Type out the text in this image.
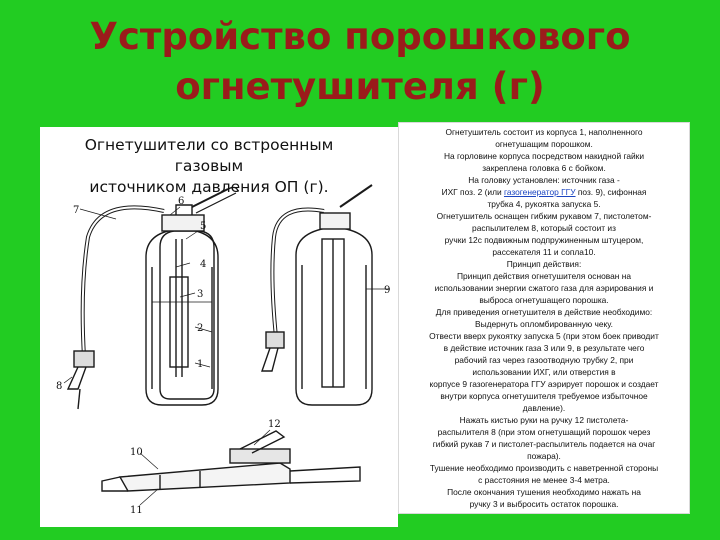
Устройство порошкового
огнетушителя (г)
7
6
5
4
3
2
1
8
9
12
10
11
Огнетушители со встроенным
газовым
источником давления ОП (г).
Огнетушитель состоит из корпуса 1, наполненного
огнетушащим порошком.
На горловине корпуса посредством накидной гайки
закреплена головка 6 с бойком.
На головку установлен: источник газа -
ИХГ поз. 2 (или газогенератор ГГУ поз. 9), сифонная
трубка 4, рукоятка запуска 5.
Огнетушитель оснащен гибким рукавом 7, пистолетом-
распылителем 8, который состоит из
ручки 12с подвижным подпружиненным штуцером,
рассекателя 11 и сопла10.
Принцип действия:
Принцип действия огнетушителя основан на
использовании энергии сжатого газа для аэрирования и
выброса огнетушащего порошка.
Для приведения огнетушителя в действие необходимо:
Выдернуть опломбированную чеку.
Отвести вверх рукоятку запуска 5 (при этом боек приводит
в действие источник газа 3 или 9, в результате чего
рабочий газ через газоотводную трубку 2, при
использовании ИХГ, или отверстия в
корпусе 9 газогенератора ГГУ аэрирует порошок и создает
внутри корпуса огнетушителя требуемое избыточное
давление).
Нажать кистью руки на ручку 12 пистолета-
распылителя 8 (при этом огнетушащий порошок через
гибкий рукав 7 и пистолет-распылитель подается на очаг
пожара).
Тушение необходимо производить с наветренной стороны
с расстояния не менее 3-4 метра.
После окончания тушения необходимо нажать на
ручку 3 и выбросить остаток порошка.
